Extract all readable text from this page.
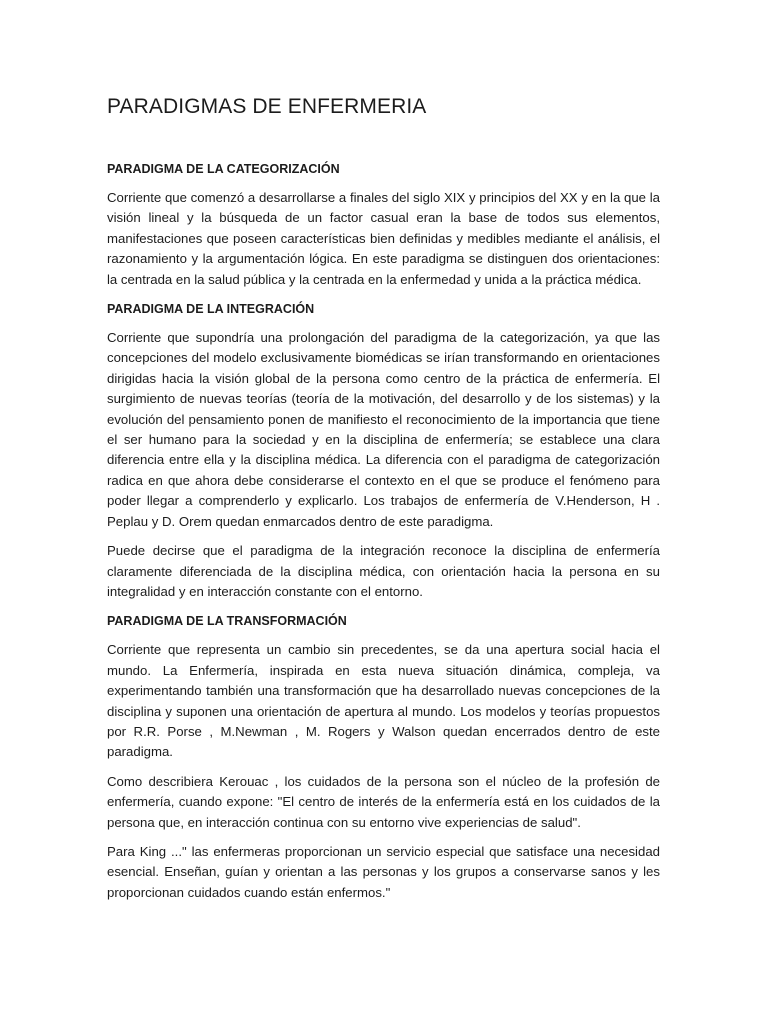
PARADIGMAS DE ENFERMERIA
PARADIGMA DE LA CATEGORIZACIÓN

Corriente que comenzó a desarrollarse a finales del siglo XIX y principios del XX y en la que la visión lineal y la búsqueda de un factor casual eran la base de todos sus elementos, manifestaciones que poseen características bien definidas y medibles mediante el análisis, el razonamiento y la argumentación lógica. En este paradigma se distinguen dos orientaciones: la centrada en la salud pública y la centrada en la enfermedad y unida a la práctica médica.

PARADIGMA DE LA INTEGRACIÓN

Corriente que supondría una prolongación del paradigma de la categorización, ya que las concepciones del modelo exclusivamente biomédicas se irían transformando en orientaciones dirigidas hacia la visión global de la persona como centro de la práctica de enfermería. El surgimiento de nuevas teorías (teoría de la motivación, del desarrollo y de los sistemas) y la evolución del pensamiento ponen de manifiesto el reconocimiento de la importancia que tiene el ser humano para la sociedad y en la disciplina de enfermería; se establece una clara diferencia entre ella y la disciplina médica. La diferencia con el paradigma de categorización radica en que ahora debe considerarse el contexto en el que se produce el fenómeno para poder llegar a comprenderlo y explicarlo. Los trabajos de enfermería de V.Henderson, H . Peplau y D. Orem quedan enmarcados dentro de este paradigma.

Puede decirse que el paradigma de la integración reconoce la disciplina de enfermería claramente diferenciada de la disciplina médica, con orientación hacia la persona en su integralidad y en interacción constante con el entorno.

PARADIGMA DE LA TRANSFORMACIÓN

Corriente que representa un cambio sin precedentes, se da una apertura social hacia el mundo. La Enfermería, inspirada en esta nueva situación dinámica, compleja, va experimentando también una transformación que ha desarrollado nuevas concepciones de la disciplina y suponen una orientación de apertura al mundo. Los modelos y teorías propuestos por R.R. Porse , M.Newman , M. Rogers y Walson quedan encerrados dentro de este paradigma.

Como describiera Kerouac , los cuidados de la persona son el núcleo de la profesión de enfermería, cuando expone: "El centro de interés de la enfermería está en los cuidados de la persona que, en interacción continua con su entorno vive experiencias de salud".

Para King ..." las enfermeras proporcionan un servicio especial que satisface una necesidad esencial. Enseñan, guían y orientan a las personas y los grupos a conservarse sanos y les proporcionan cuidados cuando están enfermos."
